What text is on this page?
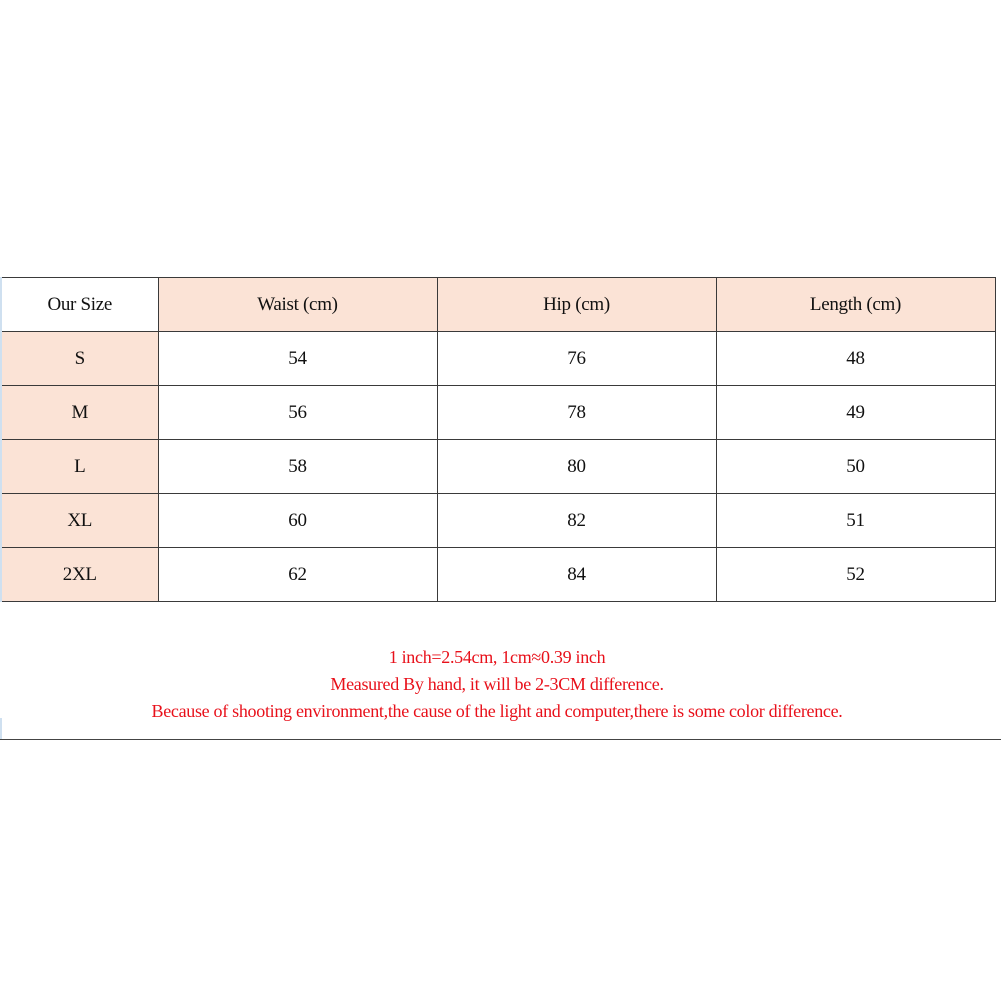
Our Size	Waist (cm)	Hip (cm)	Length (cm)
S	54	76	48
M	56	78	49
L	58	80	50
XL	60	82	51
2XL	62	84	52
1 inch=2.54cm, 1cm≈0.39 inch
Measured By hand, it will be 2-3CM difference.
Because of shooting environment,the cause of the light and computer,there is some color difference.
